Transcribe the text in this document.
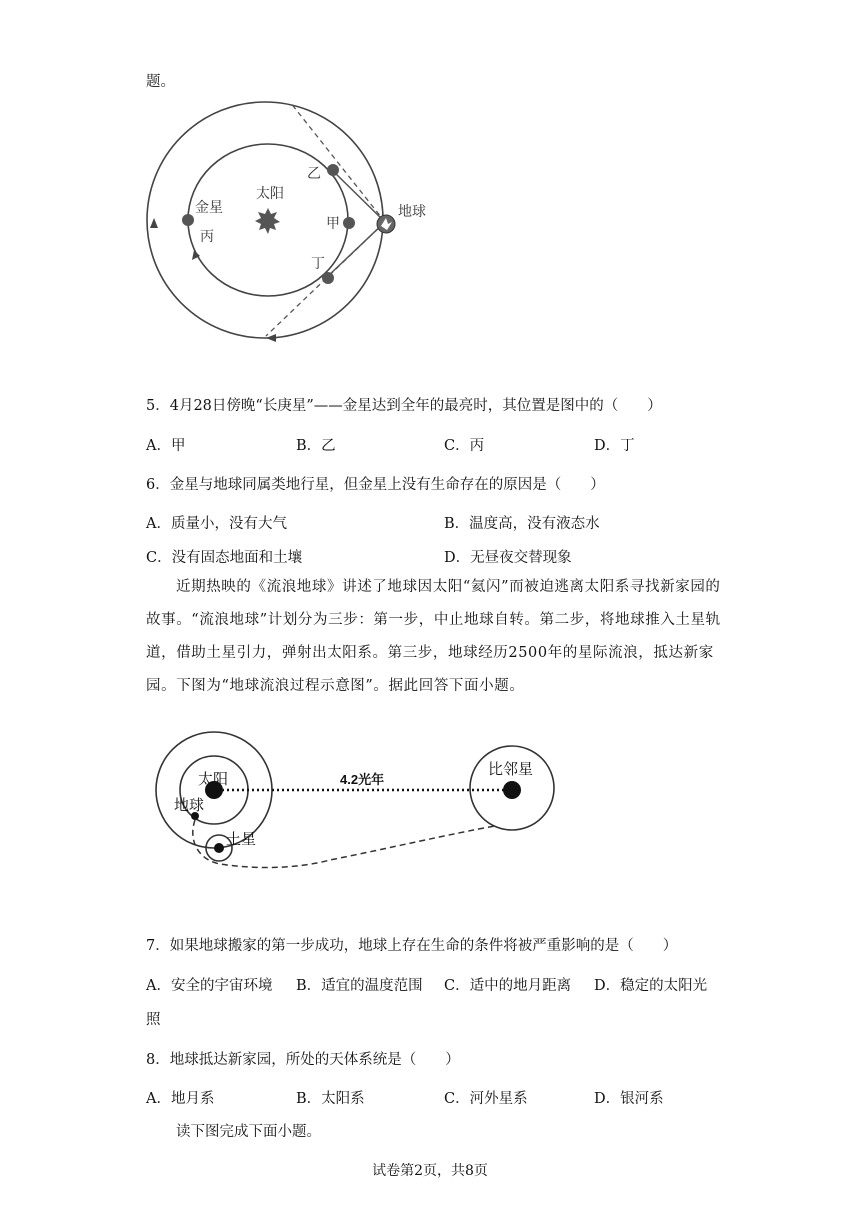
题。
太阳
金星
丙
甲
乙
丁
地球
5．4月28日傍晚“长庚星”——金星达到全年的最亮时，其位置是图中的（　　）
A．甲	B．乙	C．丙	D．丁
6．金星与地球同属类地行星，但金星上没有生命存在的原因是（　　）
A．质量小，没有大气	B．温度高，没有液态水
C．没有固态地面和土壤	D．无昼夜交替现象
近期热映的《流浪地球》讲述了地球因太阳“氦闪”而被迫逃离太阳系寻找新家园的故事。“流浪地球”计划分为三步：第一步，中止地球自转。第二步，将地球推入土星轨道，借助土星引力，弹射出太阳系。第三步，地球经历2500年的星际流浪，抵达新家园。下图为“地球流浪过程示意图”。据此回答下面小题。
太阳
地球
土星
比邻星
4.2光年
7．如果地球搬家的第一步成功，地球上存在生命的条件将被严重影响的是（　　）
A．安全的宇宙环境 B．适宜的温度范围 C．适中的地月距离 D．稳定的太阳光
照
8．地球抵达新家园，所处的天体系统是（　　）
A．地月系	B．太阳系	C．河外星系	D．银河系
读下图完成下面小题。
试卷第2页，共8页
